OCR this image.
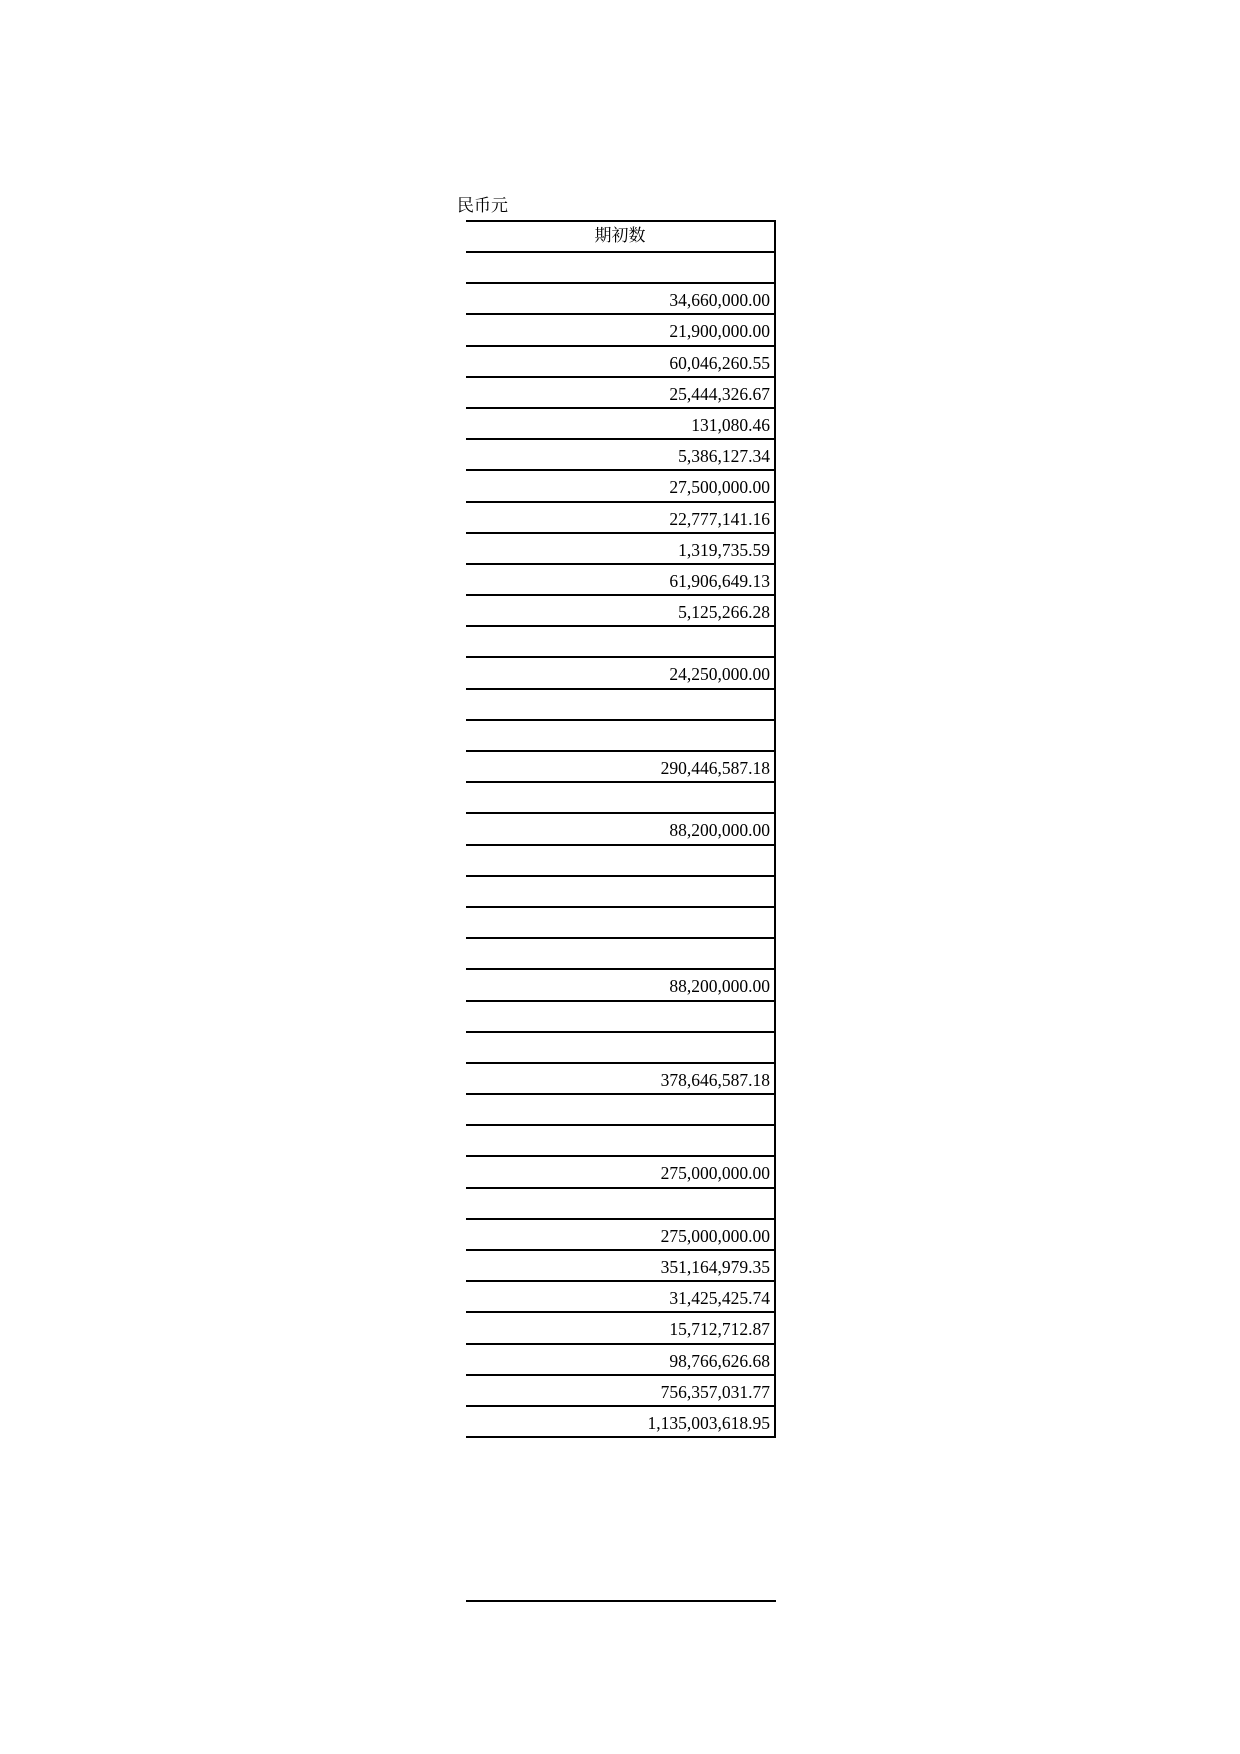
民币元
期初数
34,660,000.00
21,900,000.00
60,046,260.55
25,444,326.67
131,080.46
5,386,127.34
27,500,000.00
22,777,141.16
1,319,735.59
61,906,649.13
5,125,266.28
24,250,000.00
290,446,587.18
88,200,000.00
88,200,000.00
378,646,587.18
275,000,000.00
275,000,000.00
351,164,979.35
31,425,425.74
15,712,712.87
98,766,626.68
756,357,031.77
1,135,003,618.95
